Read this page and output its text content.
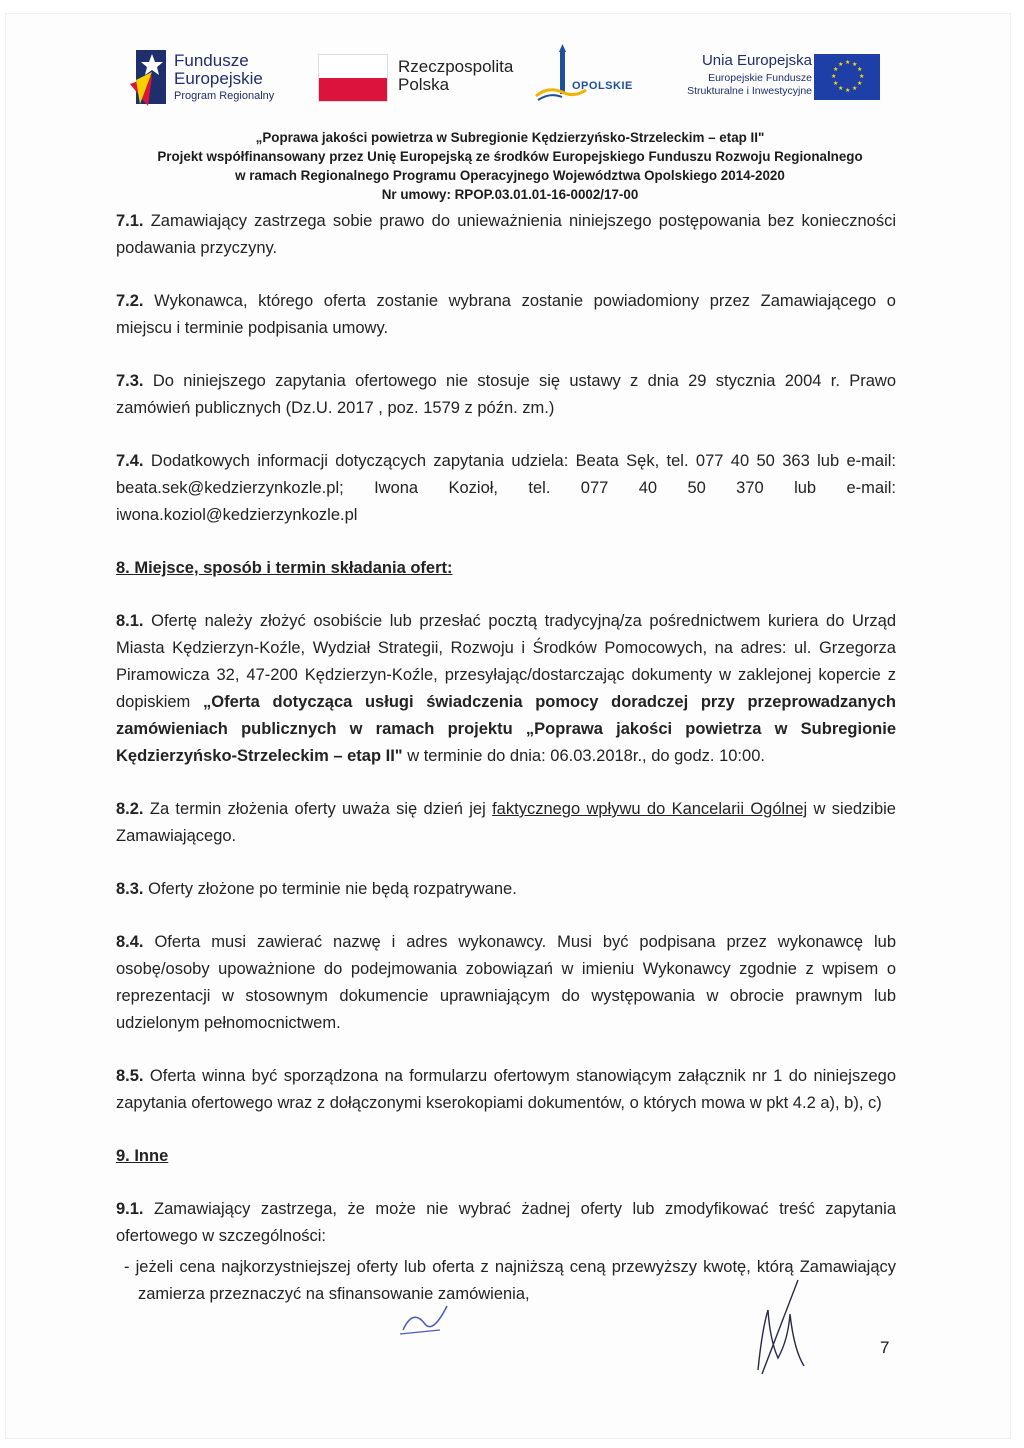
Fundusze
Europejskie
Program Regionalny
Rzeczpospolita
Polska	OPOLSKIE
Unia Europejska
Europejskie Fundusze
Strukturalne i Inwestycyjne
★ ★
★
★
★
★
★
★
★
★
★
★
„Poprawa jakości powietrza w Subregionie Kędzierzyńsko-Strzeleckim – etap II"
Projekt współfinansowany przez Unię Europejską ze środków Europejskiego Funduszu Rozwoju Regionalnego
w ramach Regionalnego Programu Operacyjnego Województwa Opolskiego 2014-2020
Nr umowy: RPOP.03.01.01-16-0002/17-00

7.1. Zamawiający zastrzega sobie prawo do unieważnienia niniejszego postępowania bez konieczności podawania przyczyny.

7.2. Wykonawca, którego oferta zostanie wybrana zostanie powiadomiony przez Zamawiającego o miejscu i terminie podpisania umowy.

7.3. Do niniejszego zapytania ofertowego nie stosuje się ustawy z dnia 29 stycznia 2004 r. Prawo zamówień publicznych (Dz.U. 2017 , poz. 1579 z późn. zm.)

7.4. Dodatkowych informacji dotyczących zapytania udziela: Beata Sęk, tel. 077 40 50 363 lub e-mail: beata.sek@kedzierzynkozle.pl; Iwona Kozioł, tel. 077 40 50 370 lub e-mail: iwona.koziol@kedzierzynkozle.pl

8. Miejsce, sposób i termin składania ofert:

8.1. Ofertę należy złożyć osobiście lub przesłać pocztą tradycyjną/za pośrednictwem kuriera do Urząd Miasta Kędzierzyn-Koźle, Wydział Strategii, Rozwoju i Środków Pomocowych, na adres: ul. Grzegorza Piramowicza 32, 47-200 Kędzierzyn-Koźle, przesyłając/dostarczając dokumenty w zaklejonej kopercie z dopiskiem „Oferta dotycząca usługi świadczenia pomocy doradczej przy przeprowadzanych zamówieniach publicznych w ramach projektu „Poprawa jakości powietrza w Subregionie Kędzierzyńsko-Strzeleckim – etap II" w terminie do dnia: 06.03.2018r., do godz. 10:00.

8.2. Za termin złożenia oferty uważa się dzień jej faktycznego wpływu do Kancelarii Ogólnej w siedzibie Zamawiającego.

8.3. Oferty złożone po terminie nie będą rozpatrywane.

8.4. Oferta musi zawierać nazwę i adres wykonawcy. Musi być podpisana przez wykonawcę lub osobę/osoby upoważnione do podejmowania zobowiązań w imieniu Wykonawcy zgodnie z wpisem o reprezentacji w stosownym dokumencie uprawniającym do występowania w obrocie prawnym lub udzielonym pełnomocnictwem.

8.5. Oferta winna być sporządzona na formularzu ofertowym stanowiącym załącznik nr 1 do niniejszego zapytania ofertowego wraz z dołączonymi kserokopiami dokumentów, o których mowa w pkt 4.2 a), b), c)

9. Inne

9.1. Zamawiający zastrzega, że może nie wybrać żadnej oferty lub zmodyfikować treść zapytania ofertowego w szczególności:

- jeżeli cena najkorzystniejszej oferty lub oferta z najniższą ceną przewyższy kwotę, którą Zamawiający zamierza przeznaczyć na sfinansowanie zamówienia,
7
